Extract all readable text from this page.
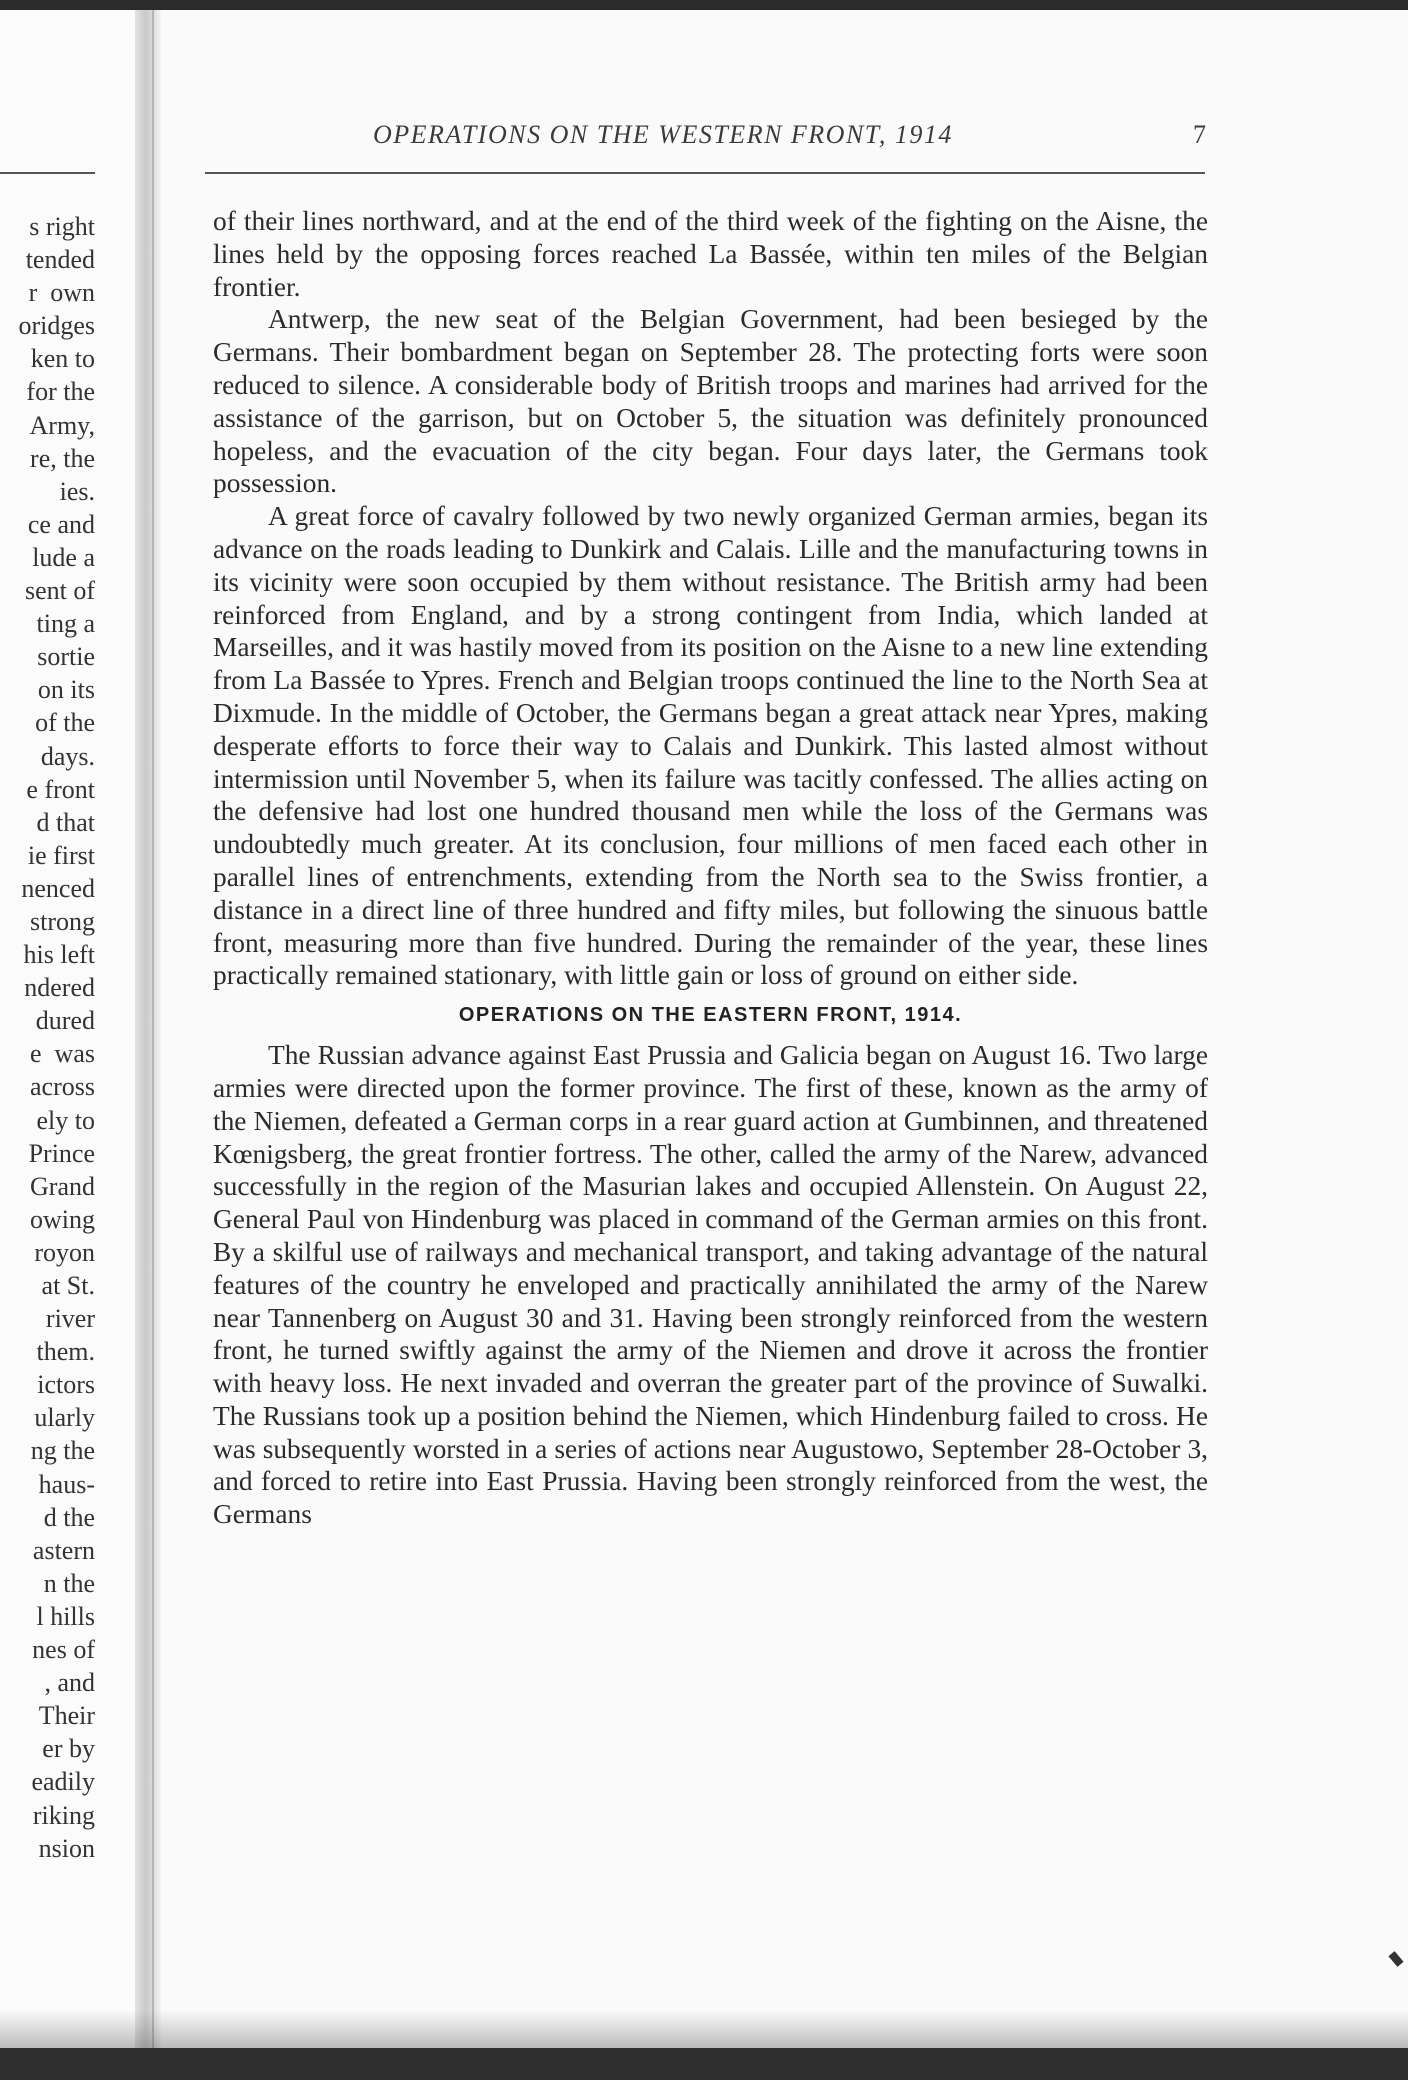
s right
tended
r  own
oridges
ken to
for the
Army,
re, the
ies.
ce and
lude a
sent of
ting a
sortie
on its
of the
days.
e front
d that
ie first
nenced
strong
his left
ndered
dured
e  was
across
ely to
Prince
Grand
owing
royon
at St.
river
them.
ictors
ularly
ng the
haus-
d the
astern
n the
l hills
nes of
, and
Their
er by
eadily
riking
nsion
OPERATIONS ON THE WESTERN FRONT, 1914	7

of their lines northward, and at the end of the third week of the fighting on the Aisne, the lines held by the opposing forces reached La Bassée, within ten miles of the Belgian frontier.

Antwerp, the new seat of the Belgian Government, had been besieged by the Germans. Their bombardment began on September 28. The protecting forts were soon reduced to silence. A considerable body of British troops and marines had arrived for the assistance of the garrison, but on October 5, the situation was definitely pronounced hopeless, and the evacuation of the city began. Four days later, the Germans took possession.

A great force of cavalry followed by two newly organized German armies, began its advance on the roads leading to Dunkirk and Calais. Lille and the manufacturing towns in its vicinity were soon occupied by them without resistance. The British army had been reinforced from England, and by a strong contingent from India, which landed at Marseilles, and it was hastily moved from its position on the Aisne to a new line extending from La Bassée to Ypres. French and Belgian troops continued the line to the North Sea at Dixmude. In the middle of October, the Germans began a great attack near Ypres, making desperate efforts to force their way to Calais and Dunkirk. This lasted almost without intermission until November 5, when its failure was tacitly confessed. The allies acting on the defensive had lost one hundred thousand men while the loss of the Germans was undoubtedly much greater. At its conclusion, four millions of men faced each other in parallel lines of entrenchments, extending from the North sea to the Swiss frontier, a distance in a direct line of three hundred and fifty miles, but following the sinuous battle front, measuring more than five hundred. During the remainder of the year, these lines practically remained stationary, with little gain or loss of ground on either side.

OPERATIONS ON THE EASTERN FRONT, 1914.

The Russian advance against East Prussia and Galicia began on August 16. Two large armies were directed upon the former province. The first of these, known as the army of the Niemen, defeated a German corps in a rear guard action at Gumbinnen, and threatened Kœnigsberg, the great frontier fortress. The other, called the army of the Narew, advanced successfully in the region of the Masurian lakes and occupied Allenstein. On August 22, General Paul von Hindenburg was placed in command of the German armies on this front. By a skilful use of railways and mechanical transport, and taking advantage of the natural features of the country he enveloped and practically annihilated the army of the Narew near Tannenberg on August 30 and 31. Having been strongly reinforced from the western front, he turned swiftly against the army of the Niemen and drove it across the frontier with heavy loss. He next invaded and overran the greater part of the province of Suwalki. The Russians took up a position behind the Niemen, which Hindenburg failed to cross. He was subsequently worsted in a series of actions near Augustowo, September 28-October 3, and forced to retire into East Prussia. Having been strongly reinforced from the west, the Germans
